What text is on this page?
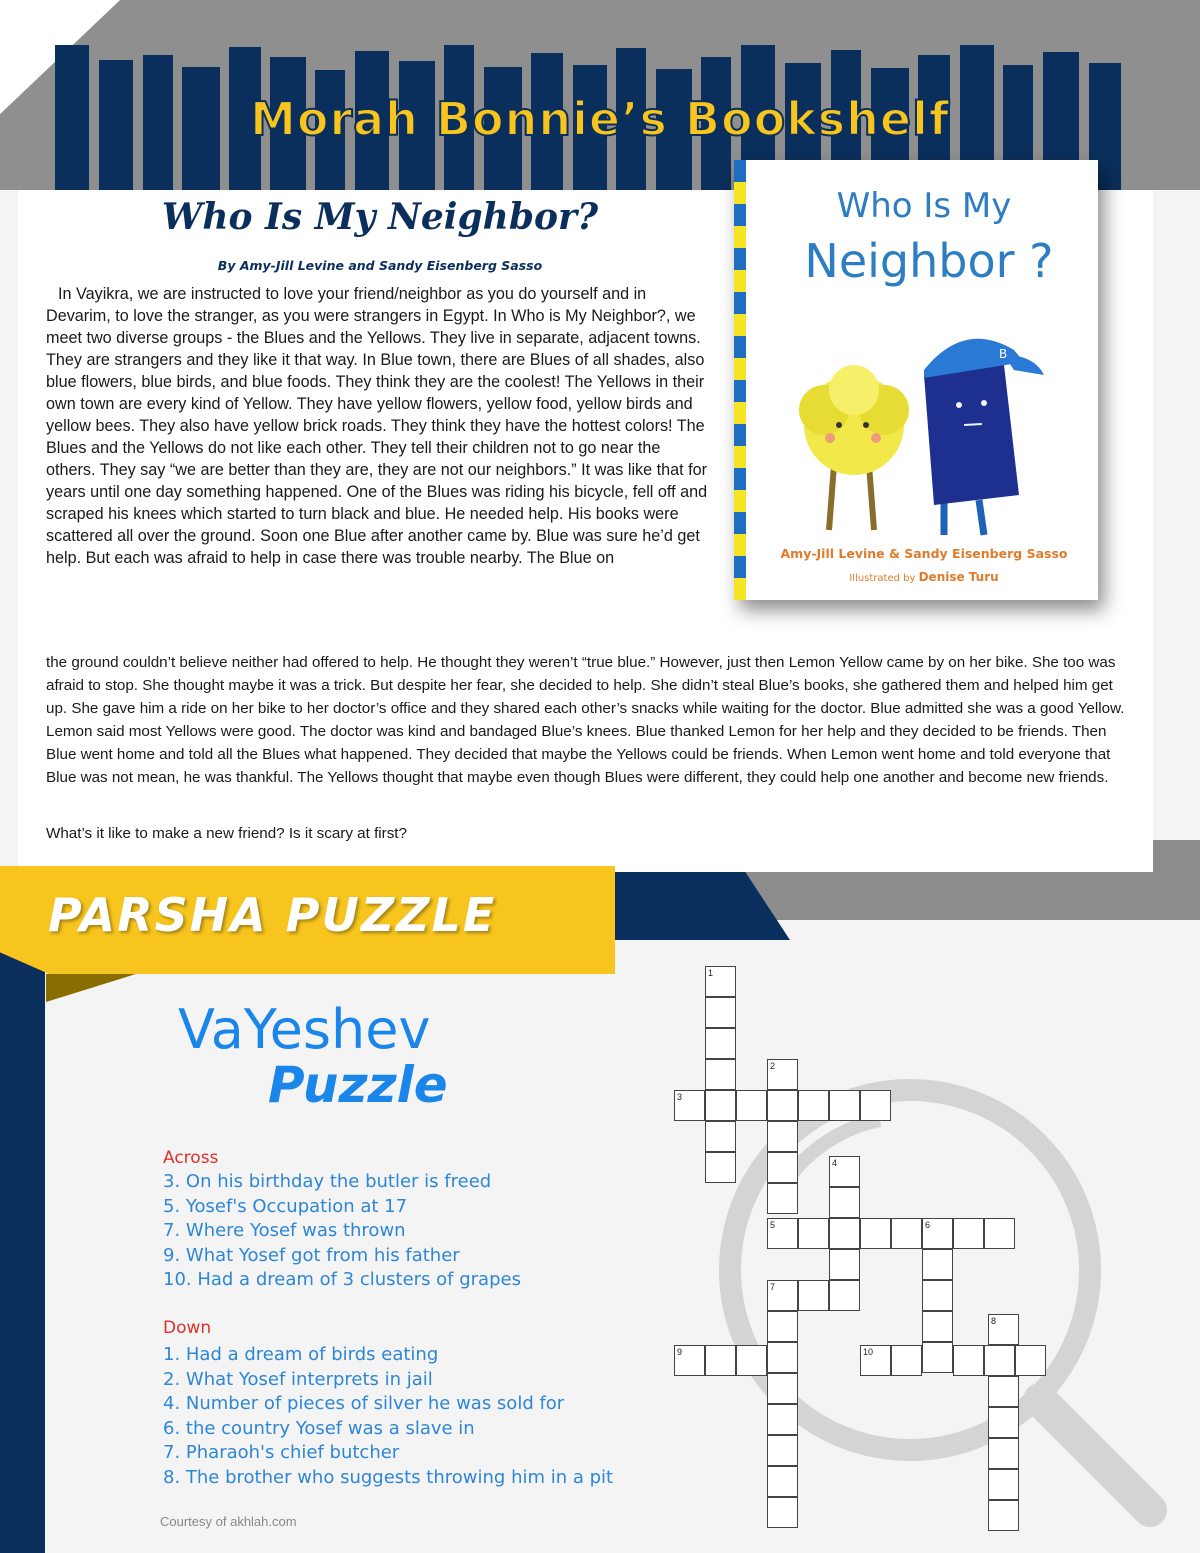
Morah Bonnie’s Bookshelf
Who Is My Neighbor?
By Amy-Jill Levine and Sandy Eisenberg Sasso
In Vayikra, we are instructed to love your friend/neighbor as you do yourself and in Devarim, to love the stranger, as you were strangers in Egypt. In Who is My Neighbor?, we meet two diverse groups - the Blues and the Yellows. They live in separate, adjacent towns. They are strangers and they like it that way. In Blue town, there are Blues of all shades, also blue flowers, blue birds, and blue foods. They think they are the coolest! The Yellows in their own town are every kind of Yellow. They have yellow flowers, yellow food, yellow birds and yellow bees. They also have yellow brick roads. They think they have the hottest colors! The Blues and the Yellows do not like each other. They tell their children not to go near the others. They say “we are better than they are, they are not our neighbors.” It was like that for years until one day something happened. One of the Blues was riding his bicycle, fell off and scraped his knees which started to turn black and blue. He needed help. His books were scattered all over the ground. Soon one Blue after another came by. Blue was sure he’d get help. But each was afraid to help in case there was trouble nearby. The Blue on
the ground couldn’t believe neither had offered to help. He thought they weren’t “true blue.” However, just then Lemon Yellow came by on her bike. She too was afraid to stop. She thought maybe it was a trick. But despite her fear, she decided to help. She didn’t steal Blue’s books, she gathered them and helped him get up. She gave him a ride on her bike to her doctor’s office and they shared each other’s snacks while waiting for the doctor. Blue admitted she was a good Yellow. Lemon said most Yellows were good. The doctor was kind and bandaged Blue’s knees. Blue thanked Lemon for her help and they decided to be friends. Then Blue went home and told all the Blues what happened. They decided that maybe the Yellows could be friends. When Lemon went home and told everyone that Blue was not mean, he was thankful. The Yellows thought that maybe even though Blues were different, they could help one another and become new friends.
What’s it like to make a new friend? Is it scary at first?
Who Is My
Neighbor ?
B
Amy-Jill Levine & Sandy Eisenberg Sasso
Illustrated by Denise Turu
PARSHA PUZZLE
VaYeshev
Puzzle
Across
3. On his birthday the butler is freed
5. Yosef's Occupation at 17
7. Where Yosef was thrown
9. What Yosef got from his father
10. Had a dream of 3 clusters of grapes
Down
1. Had a dream of birds eating
2. What Yosef interprets in jail
4. Number of pieces of silver he was sold for
6. the country Yosef was a slave in
7. Pharaoh's chief butcher
8. The brother who suggests throwing him in a pit
Courtesy of akhlah.com
1
3
2
4
5	6
7
9	10
8
